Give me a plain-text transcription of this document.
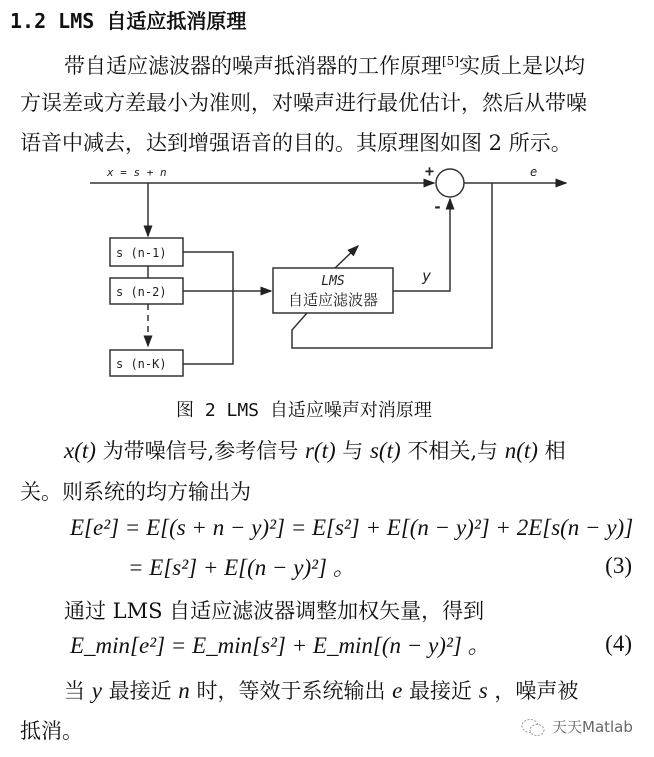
1.2 LMS 自适应抵消原理
带自适应滤波器的噪声抵消器的工作原理[5]实质上是以均
方误差或方差最小为准则，对噪声进行最优估计，然后从带噪
语音中减去，达到增强语音的目的。其原理图如图 2 所示。
x = s + n	+
-
e
y
s (n-1)
s (n-2)
s (n-K)
LMS
自适应滤波器
图 2 LMS 自适应噪声对消原理
x(t) 为带噪信号,参考信号 r(t) 与 s(t) 不相关,与 n(t) 相
关。则系统的均方输出为
E[e²] = E[(s + n − y)²] = E[s²] + E[(n − y)²] + 2E[s(n − y)]
= E[s²] + E[(n − y)²] 。	(3)
通过 LMS 自适应滤波器调整加权矢量，得到
E_min[e²] = E_min[s²] + E_min[(n − y)²] 。	(4)
当 y 最接近 n 时，等效于系统输出 e 最接近 s ，噪声被
抵消。	天天Matlab
